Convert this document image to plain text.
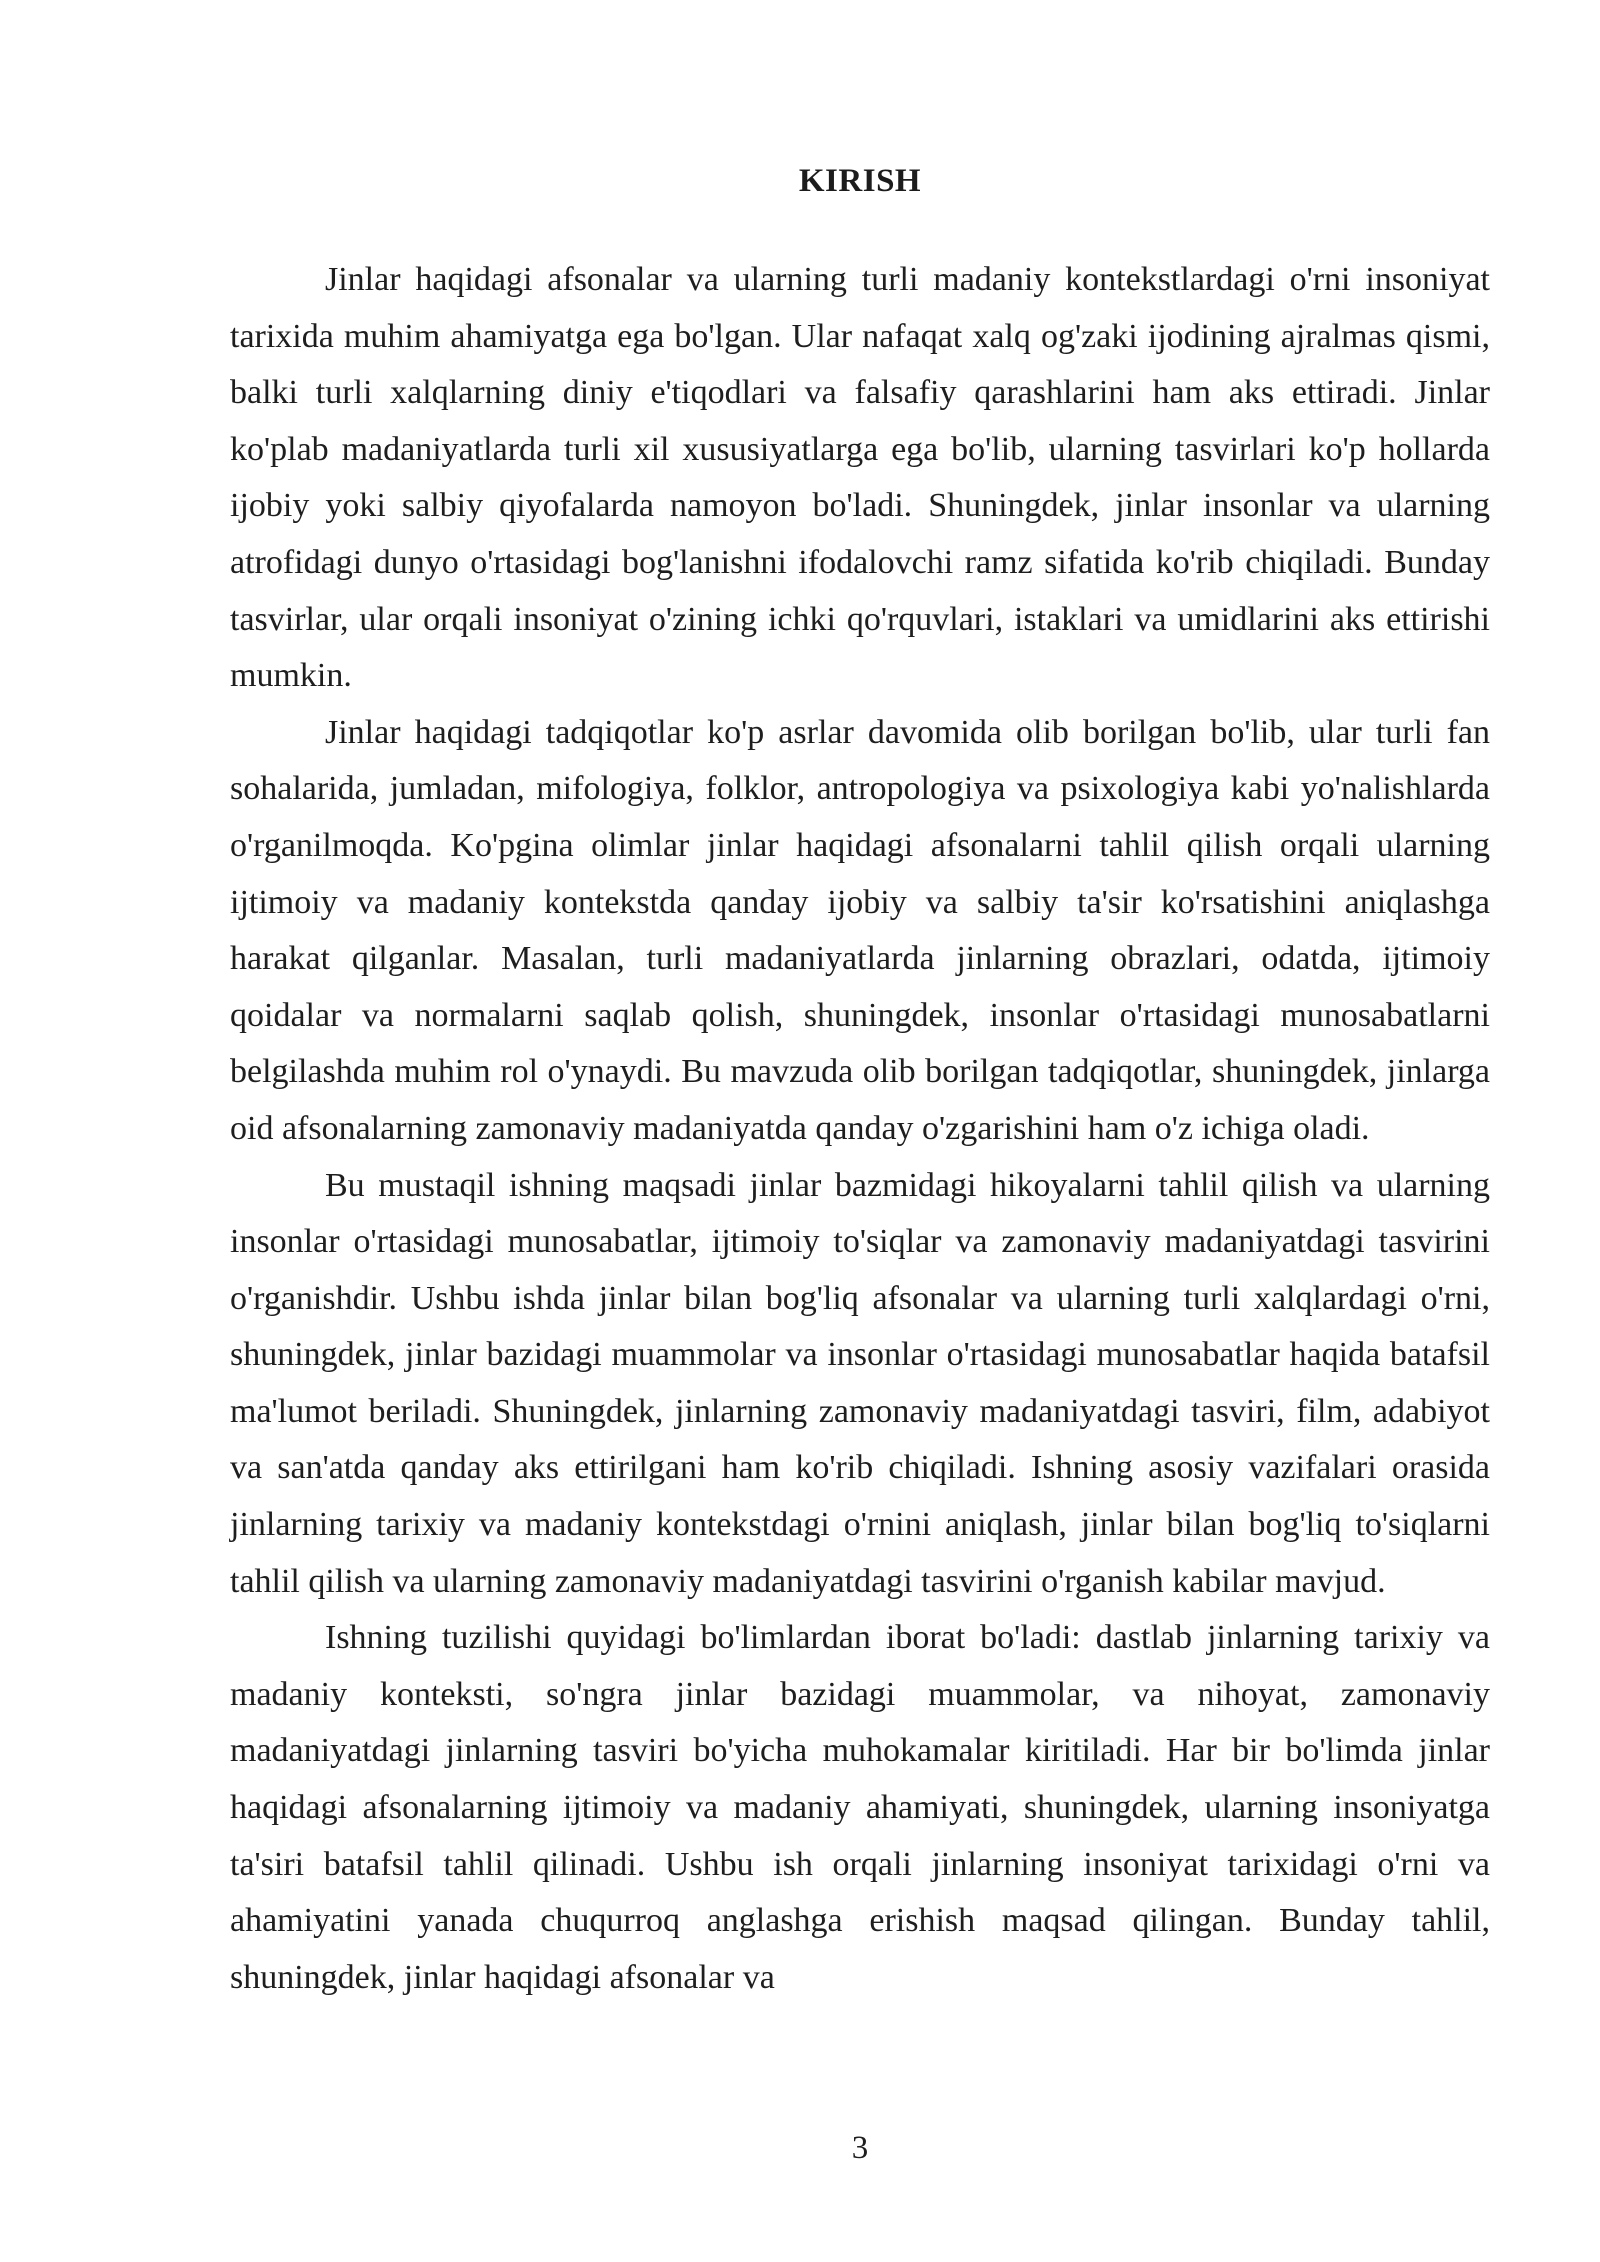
KIRISH

Jinlar haqidagi afsonalar va ularning turli madaniy kontekstlardagi o'rni insoniyat tarixida muhim ahamiyatga ega bo'lgan. Ular nafaqat xalq og'zaki ijodining ajralmas qismi, balki turli xalqlarning diniy e'tiqodlari va falsafiy qarashlarini ham aks ettiradi. Jinlar ko'plab madaniyatlarda turli xil xususiyatlarga ega bo'lib, ularning tasvirlari ko'p hollarda ijobiy yoki salbiy qiyofalarda namoyon bo'ladi. Shuningdek, jinlar insonlar va ularning atrofidagi dunyo o'rtasidagi bog'lanishni ifodalovchi ramz sifatida ko'rib chiqiladi. Bunday tasvirlar, ular orqali insoniyat o'zining ichki qo'rquvlari, istaklari va umidlarini aks ettirishi mumkin.

Jinlar haqidagi tadqiqotlar ko'p asrlar davomida olib borilgan bo'lib, ular turli fan sohalarida, jumladan, mifologiya, folklor, antropologiya va psixologiya kabi yo'nalishlarda o'rganilmoqda. Ko'pgina olimlar jinlar haqidagi afsonalarni tahlil qilish orqali ularning ijtimoiy va madaniy kontekstda qanday ijobiy va salbiy ta'sir ko'rsatishini aniqlashga harakat qilganlar. Masalan, turli madaniyatlarda jinlarning obrazlari, odatda, ijtimoiy qoidalar va normalarni saqlab qolish, shuningdek, insonlar o'rtasidagi munosabatlarni belgilashda muhim rol o'ynaydi. Bu mavzuda olib borilgan tadqiqotlar, shuningdek, jinlarga oid afsonalarning zamonaviy madaniyatda qanday o'zgarishini ham o'z ichiga oladi.

Bu mustaqil ishning maqsadi jinlar bazmidagi hikoyalarni tahlil qilish va ularning insonlar o'rtasidagi munosabatlar, ijtimoiy to'siqlar va zamonaviy madaniyatdagi tasvirini o'rganishdir. Ushbu ishda jinlar bilan bog'liq afsonalar va ularning turli xalqlardagi o'rni, shuningdek, jinlar bazidagi muammolar va insonlar o'rtasidagi munosabatlar haqida batafsil ma'lumot beriladi. Shuningdek, jinlarning zamonaviy madaniyatdagi tasviri, film, adabiyot va san'atda qanday aks ettirilgani ham ko'rib chiqiladi. Ishning asosiy vazifalari orasida jinlarning tarixiy va madaniy kontekstdagi o'rnini aniqlash, jinlar bilan bog'liq to'siqlarni tahlil qilish va ularning zamonaviy madaniyatdagi tasvirini o'rganish kabilar mavjud.

Ishning tuzilishi quyidagi bo'limlardan iborat bo'ladi: dastlab jinlarning tarixiy va madaniy konteksti, so'ngra jinlar bazidagi muammolar, va nihoyat, zamonaviy madaniyatdagi jinlarning tasviri bo'yicha muhokamalar kiritiladi. Har bir bo'limda jinlar haqidagi afsonalarning ijtimoiy va madaniy ahamiyati, shuningdek, ularning insoniyatga ta'siri batafsil tahlil qilinadi. Ushbu ish orqali jinlarning insoniyat tarixidagi o'rni va ahamiyatini yanada chuqurroq anglashga erishish maqsad qilingan. Bunday tahlil, shuningdek, jinlar haqidagi afsonalar va

3
